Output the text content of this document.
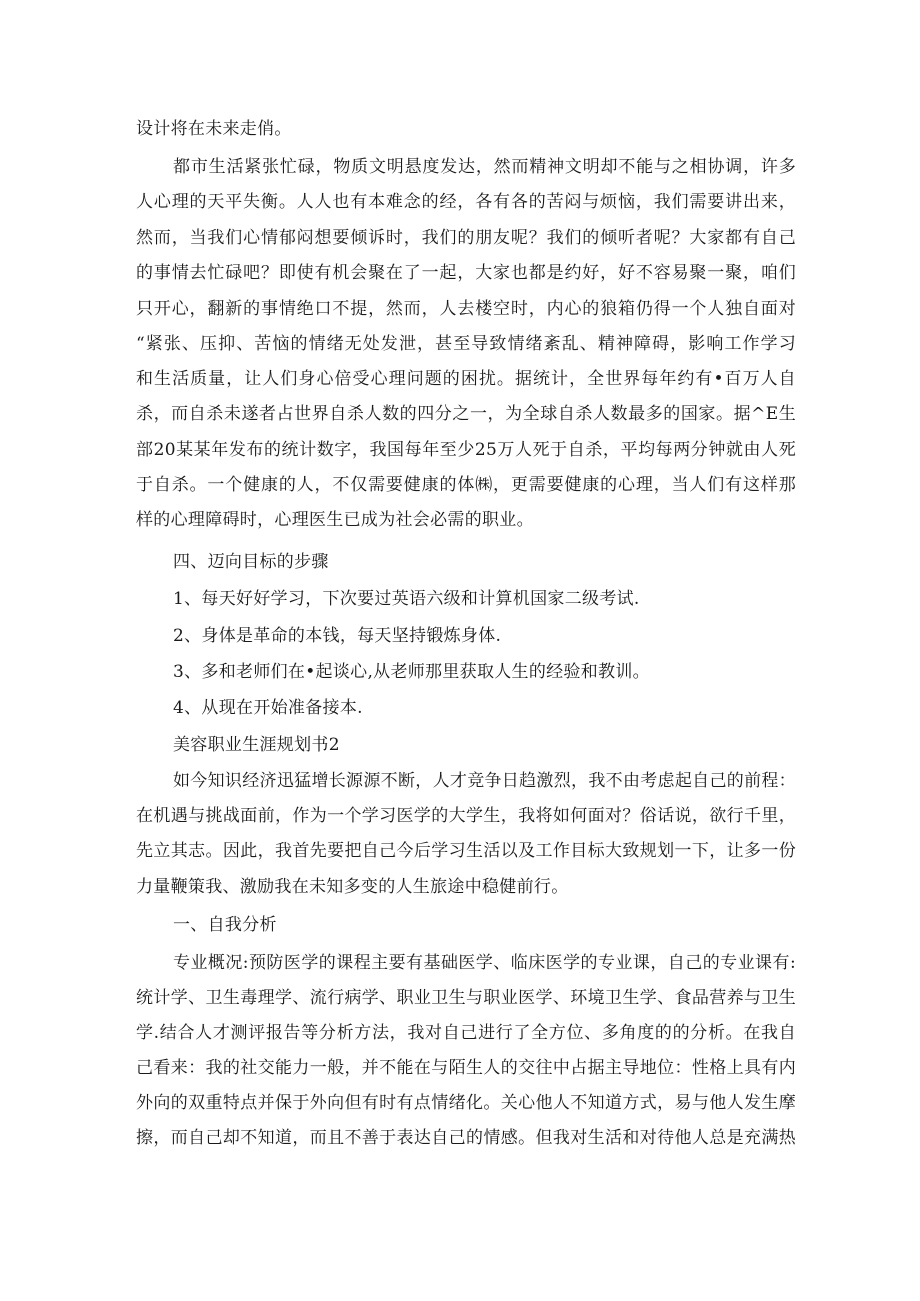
设计将在未来走俏。
都市生活紧张忙碌，物质文明悬度发达，然而精神文明却不能与之相协调，许多
人心理的天平失衡。人人也有本难念的经，各有各的苦闷与烦恼，我们需要讲出来，
然而，当我们心情郁闷想要倾诉时，我们的朋友呢？我们的倾听者呢？大家都有自己
的事情去忙碌吧？即使有机会聚在了一起，大家也都是约好，好不容易聚一聚，咱们
只开心，翻新的事情绝口不提，然而，人去楼空时，内心的狼箱仍得一个人独自面对
“紧张、压抑、苦恼的情绪无处发泄，甚至导致情绪紊乱、精神障碍，影响工作学习
和生活质量，让人们身心倍受心理问题的困扰。据统计，全世界每年约有•百万人自
杀，而自杀未遂者占世界自杀人数的四分之一，为全球自杀人数最多的国家。据^E生
部20某某年发布的统计数字，我国每年至少25万人死于自杀，平均每两分钟就由人死
于自杀。一个健康的人，不仅需要健康的体㈱，更需要健康的心理，当人们有这样那
样的心理障碍时，心理医生已成为社会必需的职业。
四、迈向目标的步骤
1、每天好好学习，下次要过英语六级和计算机国家二级考试.
2、身体是革命的本钱，每天坚持锻炼身体.
3、多和老师们在•起谈心,从老师那里获取人生的经验和教训。
4、从现在开始准备接本.
美容职业生涯规划书2
如今知识经济迅猛增长源源不断，人才竞争日趋激烈，我不由考虑起自己的前程：
在机遇与挑战面前，作为一个学习医学的大学生，我将如何面对？俗话说，欲行千里，
先立其志。因此，我首先要把自己今后学习生活以及工作目标大致规划一下，让多一份
力量鞭策我、激励我在未知多变的人生旅途中稳健前行。
一、自我分析
专业概况:预防医学的课程主要有基础医学、临床医学的专业课，自己的专业课有:
统计学、卫生毒理学、流行病学、职业卫生与职业医学、环境卫生学、食品营养与卫生
学.结合人才测评报告等分析方法，我对自己进行了全方位、多角度的的分析。在我自
己看来：我的社交能力一般，并不能在与陌生人的交往中占据主导地位：性格上具有内
外向的双重特点并保于外向但有时有点情绪化。关心他人不知道方式，易与他人发生摩
擦，而自己却不知道，而且不善于表达自己的情感。但我对生活和对待他人总是充满热
